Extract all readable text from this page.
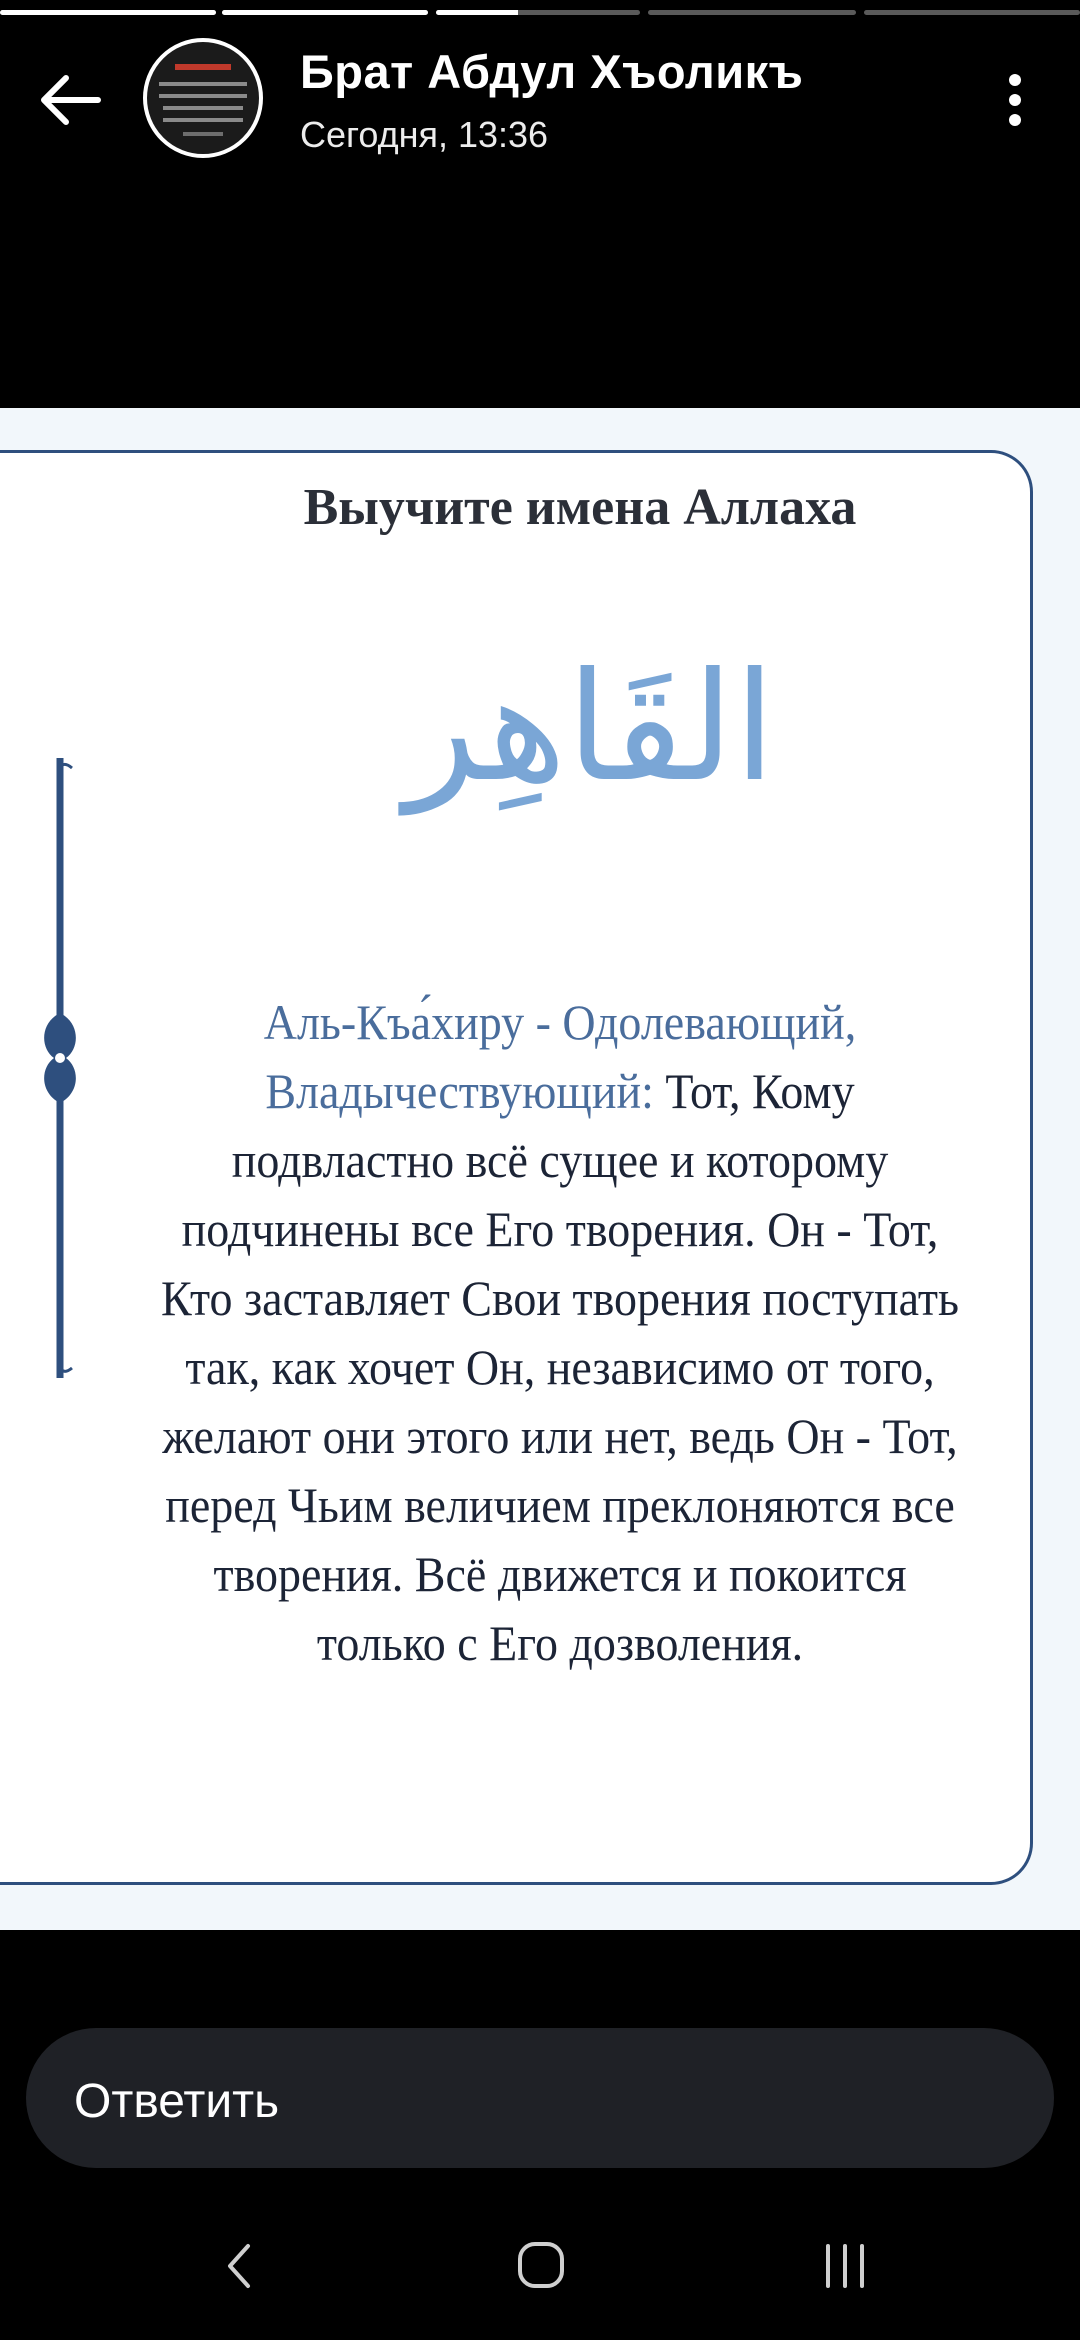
Брат Абдул Хъоликъ
Сегодня, 13:36
Выучите имена Аллаха
القَاهِر
Аль-Къа́хиру - Одолевающий, Владычествующий: Тот, Кому подвластно всё сущее и которому подчинены все Его творения. Он - Тот, Кто заставляет Свои творения поступать так, как хочет Он, независимо от того, желают они этого или нет, ведь Он - Тот, перед Чьим величием преклоняются все творения. Всё движется и покоится только с Его дозволения.
Ответить
